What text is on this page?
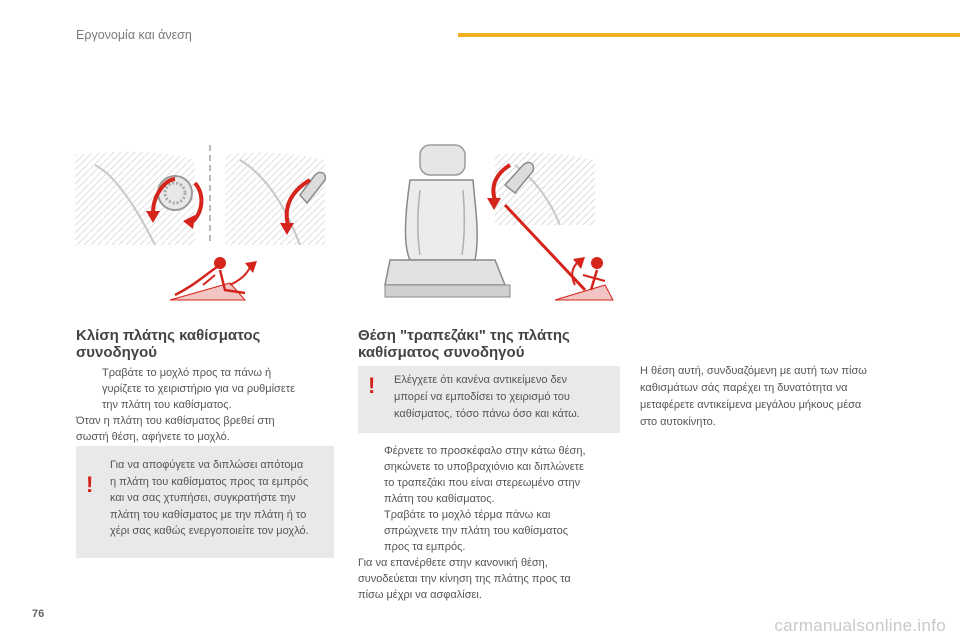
Εργονομία και άνεση
Κλίση πλάτης καθίσματος
συνοδηγού
Τραβάτε το μοχλό προς τα πάνω ή
γυρίζετε το χειριστήριο για να ρυθμίσετε
την πλάτη του καθίσματος.
Όταν η πλάτη του καθίσματος βρεθεί στη
σωστή θέση, αφήνετε το μοχλό.
!
Για να αποφύγετε να διπλώσει απότομα
η πλάτη του καθίσματος προς τα εμπρός
και να σας χτυπήσει, συγκρατήστε την
πλάτη του καθίσματος με την πλάτη ή το
χέρι σας καθώς ενεργοποιείτε τον μοχλό.
Θέση "τραπεζάκι" της πλάτης
καθίσματος συνοδηγού
! Ελέγχετε ότι κανένα αντικείμενο δεν
μπορεί να εμποδίσει το χειρισμό του
καθίσματος, τόσο πάνω όσο και κάτω.
Φέρνετε το προσκέφαλο στην κάτω θέση,
σηκώνετε το υποβραχιόνιο και διπλώνετε
το τραπεζάκι που είναι στερεωμένο στην
πλάτη του καθίσματος.
Τραβάτε το μοχλό τέρμα πάνω και
σπρώχνετε την πλάτη του καθίσματος
προς τα εμπρός.
Για να επανέρθετε στην κανονική θέση,
συνοδεύεται την κίνηση της πλάτης προς τα
πίσω μέχρι να ασφαλίσει.
Η θέση αυτή, συνδυαζόμενη με αυτή των πίσω
καθισμάτων σάς παρέχει τη δυνατότητα να
μεταφέρετε αντικείμενα μεγάλου μήκους μέσα
στο αυτοκίνητο.
76
carmanualsonline.info
